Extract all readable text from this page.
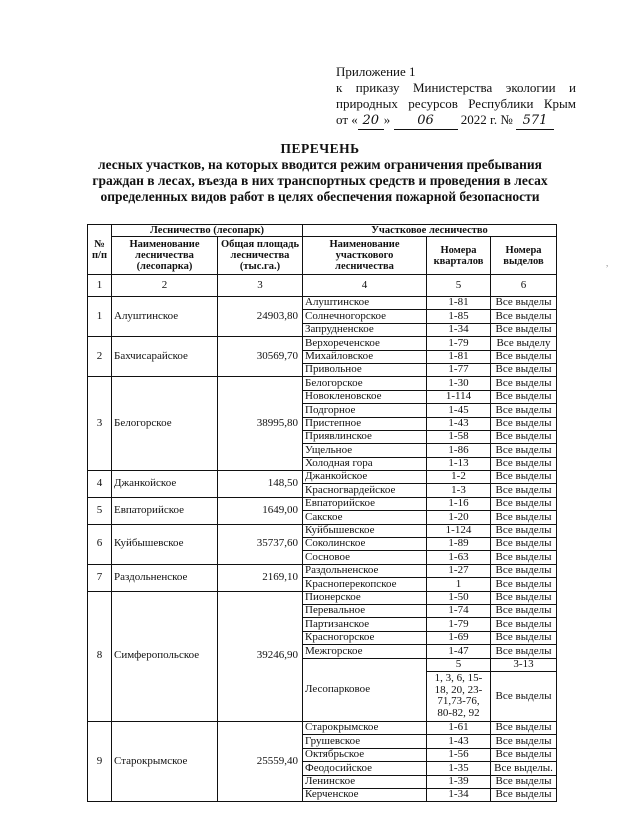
Приложение 1
к приказу Министерства экологии и
природных ресурсов Республики Крым
от « 20 » 06 2022 г. № 571
ПЕРЕЧЕНЬ
лесных участков, на которых вводится режим ограничения пребывания
граждан в лесах, въезда в них транспортных средств и проведения в лесах
определенных видов работ в целях обеспечения пожарной безопасности
,
№ п/п	Лесничество (лесопарк)		Участковое лесничество		
	Наименование лесничества (лесопарка)	Общая площадь лесничества (тыс.га.)	Наименование участкового лесничества	Номера кварталов	Номера выделов
1	2	3	4	5	6
1	Алуштинское	24903,80	Алуштинское	1-81	Все выделы
			Солнечногорское	1-85	Все выделы
			Запрудненское	1-34	Все выделы
2	Бахчисарайское	30569,70	Верхореченское	1-79	Все выделу
			Михайловское	1-81	Все выделы
			Привольное	1-77	Все выделы
3	Белогорское	38995,80	Белогорское	1-30	Все выделы
			Новокленовское	1-114	Все выделы
			Подгорное	1-45	Все выделы
			Пристепное	1-43	Все выделы
			Приявлинское	1-58	Все выделы
			Ущельное	1-86	Все выделы
			Холодная гора	1-13	Все выделы
4	Джанкойское	148,50	Джанкойское	1-2	Все выделы
			Красногвардейское	1-3	Все выделы
5	Евпаторийское	1649,00	Евпаторийское	1-16	Все выделы
			Сакское	1-20	Все выделы
6	Куйбышевское	35737,60	Куйбышевское	1-124	Все выделы
			Соколинское	1-89	Все выделы
			Сосновое	1-63	Все выделы
7	Раздольненское	2169,10	Раздольненское	1-27	Все выделы
			Краснoперекопское	1	Все выделы
8	Симферопольское	39246,90	Пионерское	1-50	Все выделы
			Перевальное	1-74	Все выделы
			Партизанское	1-79	Все выделы
			Красногорское	1-69	Все выделы
			Межгорское	1-47	Все выделы
			Лесопарковое	5	3-13
				1, 3, 6, 15-18, 20, 23-71,73-76, 80-82, 92	Все выделы
9	Старокрымское	25559,40	Старокрымское	1-61	Все выделы
			Грушевское	1-43	Все выделы
			Октябрьское	1-56	Все выделы
			Феодосийское	1-35	Все выделы.
			Ленинское	1-39	Все выделы
			Керченское	1-34	Все выделы
